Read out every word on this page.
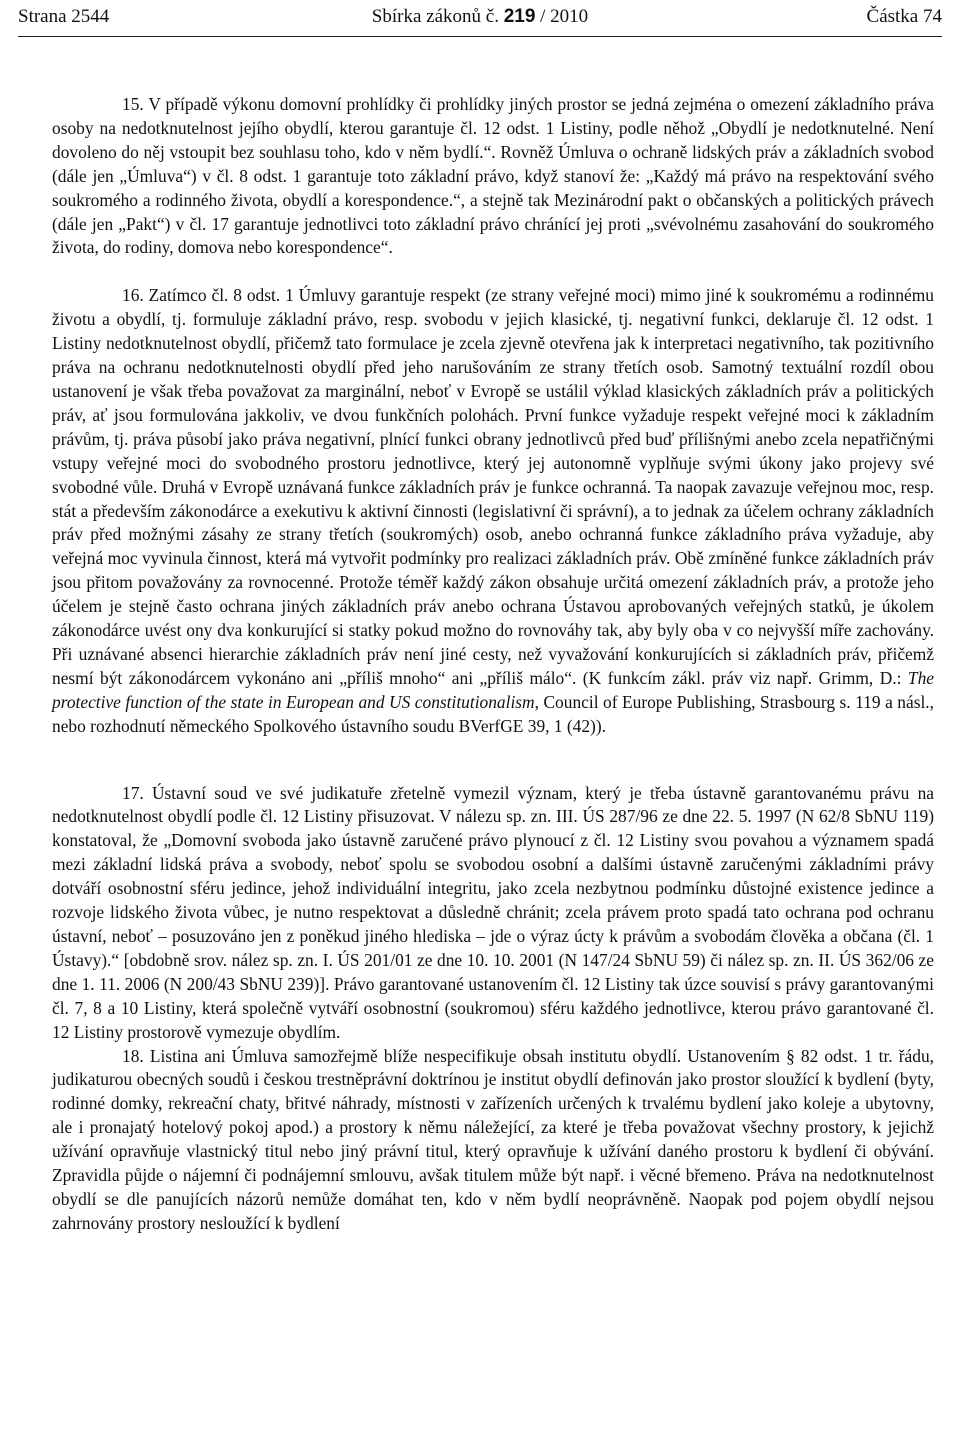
Strana 2544	Sbírka zákonů č. 219 / 2010	Částka 74

15. V případě výkonu domovní prohlídky či prohlídky jiných prostor se jedná zejména o omezení základního práva osoby na nedotknutelnost jejího obydlí, kterou garantuje čl. 12 odst. 1 Listiny, podle něhož „Obydlí je nedotknutelné. Není dovoleno do něj vstoupit bez souhlasu toho, kdo v něm bydlí.“. Rovněž Úmluva o ochraně lidských práv a základních svobod (dále jen „Úmluva“) v čl. 8 odst. 1 garantuje toto základní právo, když stanoví že: „Každý má právo na respektování svého soukromého a rodinného života, obydlí a korespondence.“, a stejně tak Mezinárodní pakt o občanských a politických právech (dále jen „Pakt“) v čl. 17 garantuje jednotlivci toto základní právo chránící jej proti „svévolnému zasahování do soukromého života, do rodiny, domova nebo korespondence“.

16. Zatímco čl. 8 odst. 1 Úmluvy garantuje respekt (ze strany veřejné moci) mimo jiné k soukromému a rodinnému životu a obydlí, tj. formuluje základní právo, resp. svobodu v jejich klasické, tj. negativní funkci, deklaruje čl. 12 odst. 1 Listiny nedotknutelnost obydlí, přičemž tato formulace je zcela zjevně otevřena jak k interpretaci negativního, tak pozitivního práva na ochranu nedotknutelnosti obydlí před jeho narušováním ze strany třetích osob. Samotný textuální rozdíl obou ustanovení je však třeba považovat za marginální, neboť v Evropě se ustálil výklad klasických základních práv a politických práv, ať jsou formulována jakkoliv, ve dvou funkčních polohách. První funkce vyžaduje respekt veřejné moci k základním právům, tj. práva působí jako práva negativní, plnící funkci obrany jednotlivců před buď přílišnými anebo zcela nepatřičnými vstupy veřejné moci do svobodného prostoru jednotlivce, který jej autonomně vyplňuje svými úkony jako projevy své svobodné vůle. Druhá v Evropě uznávaná funkce základních práv je funkce ochranná. Ta naopak zavazuje veřejnou moc, resp. stát a především zákonodárce a exekutivu k aktivní činnosti (legislativní či správní), a to jednak za účelem ochrany základních práv před možnými zásahy ze strany třetích (soukromých) osob, anebo ochranná funkce základního práva vyžaduje, aby veřejná moc vyvinula činnost, která má vytvořit podmínky pro realizaci základních práv. Obě zmíněné funkce základních práv jsou přitom považovány za rovnocenné. Protože téměř každý zákon obsahuje určitá omezení základních práv, a protože jeho účelem je stejně často ochrana jiných základních práv anebo ochrana Ústavou aprobovaných veřejných statků, je úkolem zákonodárce uvést ony dva konkurující si statky pokud možno do rovnováhy tak, aby byly oba v co nejvyšší míře zachovány. Při uznávané absenci hierarchie základních práv není jiné cesty, než vyvažování konkurujících si základních práv, přičemž nesmí být zákonodárcem vykonáno ani „příliš mnoho“ ani „příliš málo“. (K funkcím zákl. práv viz např. Grimm, D.: The protective function of the state in European and US constitutionalism, Council of Europe Publishing, Strasbourg s. 119 a násl., nebo rozhodnutí německého Spolkového ústavního soudu BVerfGE 39, 1 (42)).

17. Ústavní soud ve své judikatuře zřetelně vymezil význam, který je třeba ústavně garantovanému právu na nedotknutelnost obydlí podle čl. 12 Listiny přisuzovat. V nálezu sp. zn. III. ÚS 287/96 ze dne 22. 5. 1997 (N 62/8 SbNU 119) konstatoval, že „Domovní svoboda jako ústavně zaručené právo plynoucí z čl. 12 Listiny svou povahou a významem spadá mezi základní lidská práva a svobody, neboť spolu se svobodou osobní a dalšími ústavně zaručenými základními právy dotváří osobnostní sféru jedince, jehož individuální integritu, jako zcela nezbytnou podmínku důstojné existence jedince a rozvoje lidského života vůbec, je nutno respektovat a důsledně chránit; zcela právem proto spadá tato ochrana pod ochranu ústavní, neboť – posuzováno jen z poněkud jiného hlediska – jde o výraz úcty k právům a svobodám člověka a občana (čl. 1 Ústavy).“ [obdobně srov. nález sp. zn. I. ÚS 201/01 ze dne 10. 10. 2001 (N 147/24 SbNU 59) či nález sp. zn. II. ÚS 362/06 ze dne 1. 11. 2006 (N 200/43 SbNU 239)]. Právo garantované ustanovením čl. 12 Listiny tak úzce souvisí s právy garantovanými čl. 7, 8 a 10 Listiny, která společně vytváří osobnostní (soukromou) sféru každého jednotlivce, kterou právo garantované čl. 12 Listiny prostorově vymezuje obydlím.

18. Listina ani Úmluva samozřejmě blíže nespecifikuje obsah institutu obydlí. Ustanovením § 82 odst. 1 tr. řádu, judikaturou obecných soudů i českou trestněprávní doktrínou je institut obydlí definován jako prostor sloužící k bydlení (byty, rodinné domky, rekreační chaty, břitvé náhrady, místnosti v zařízeních určených k trvalému bydlení jako koleje a ubytovny, ale i pronajatý hotelový pokoj apod.) a prostory k němu náležející, za které je třeba považovat všechny prostory, k jejichž užívání opravňuje vlastnický titul nebo jiný právní titul, který opravňuje k užívání daného prostoru k bydlení či obývání. Zpravidla půjde o nájemní či podnájemní smlouvu, avšak titulem může být např. i věcné břemeno. Práva na nedotknutelnost obydlí se dle panujících názorů nemůže domáhat ten, kdo v něm bydlí neoprávněně. Naopak pod pojem obydlí nejsou zahrnovány prostory nesloužící k bydlení
